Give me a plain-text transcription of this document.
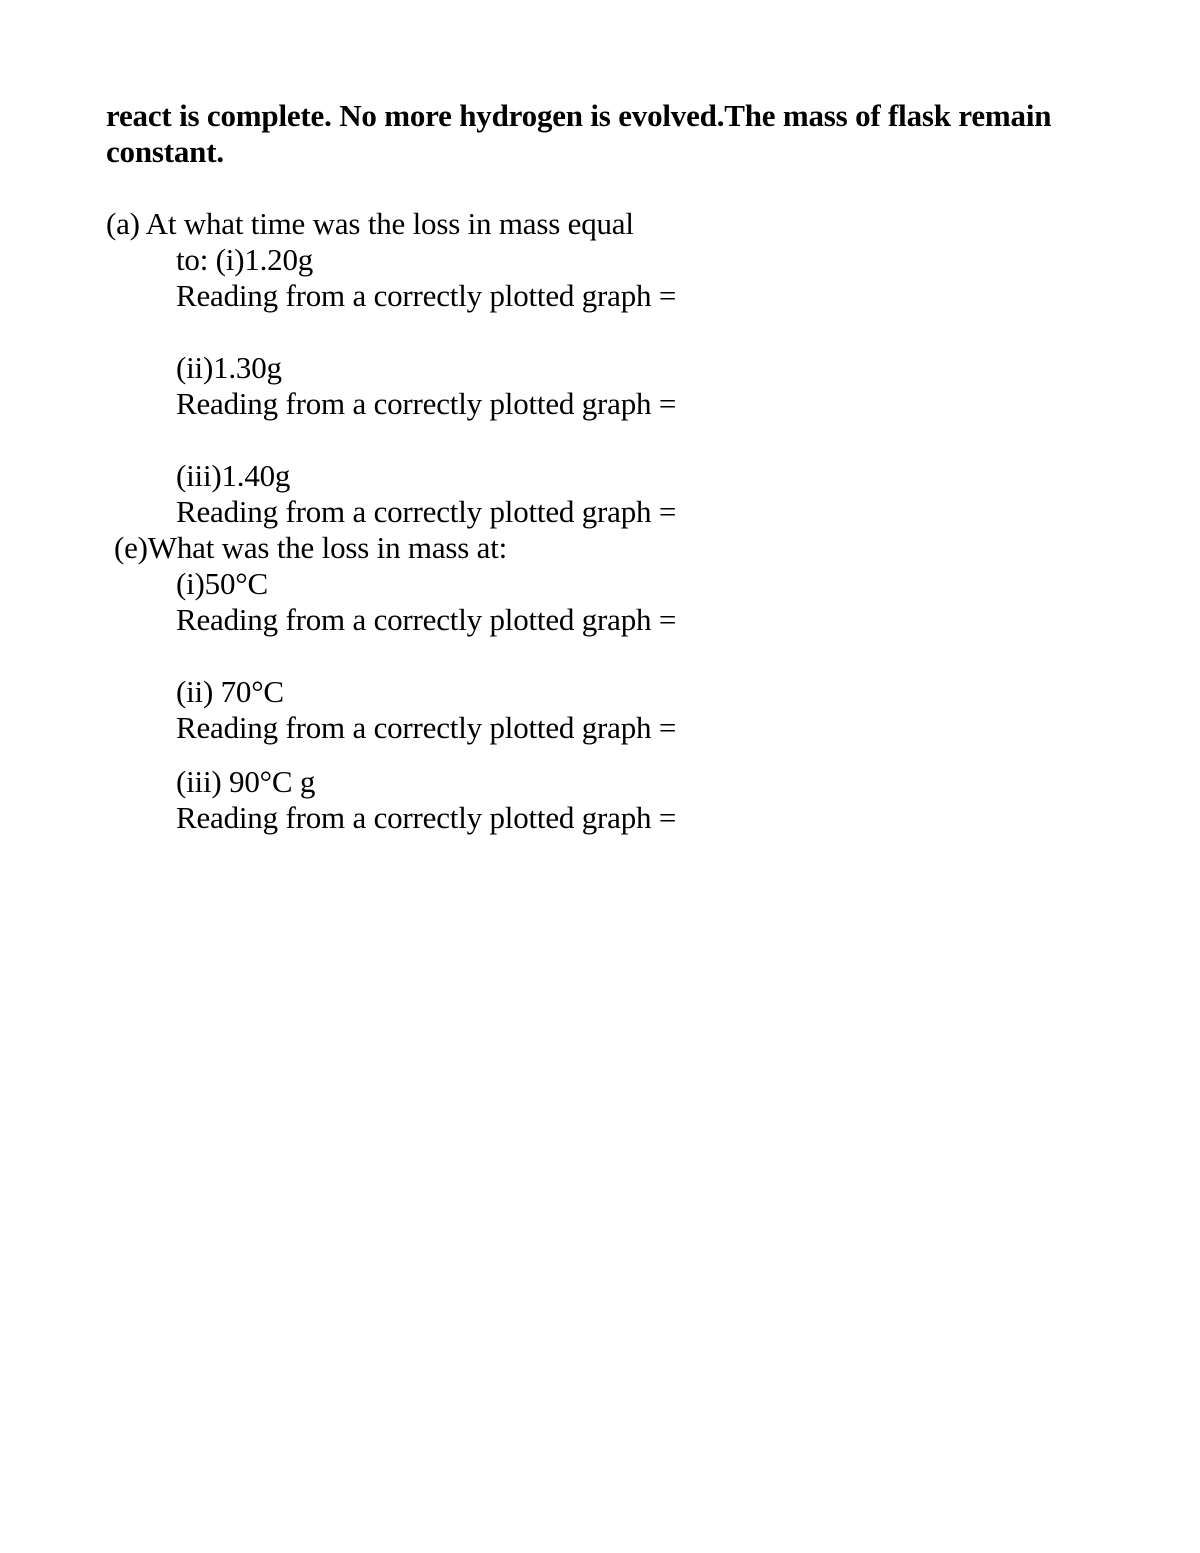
react is complete. No more hydrogen is evolved.The mass of flask remain
constant.
(a) At what time was the loss in mass equal
to: (i)1.20g
Reading from a correctly plotted graph =
(ii)1.30g
Reading from a correctly plotted graph =
(iii)1.40g
Reading from a correctly plotted graph =
(e)What was the loss in mass at:
(i)50°C
Reading from a correctly plotted graph =
(ii) 70°C
Reading from a correctly plotted graph =
(iii) 90°C g
Reading from a correctly plotted graph =
